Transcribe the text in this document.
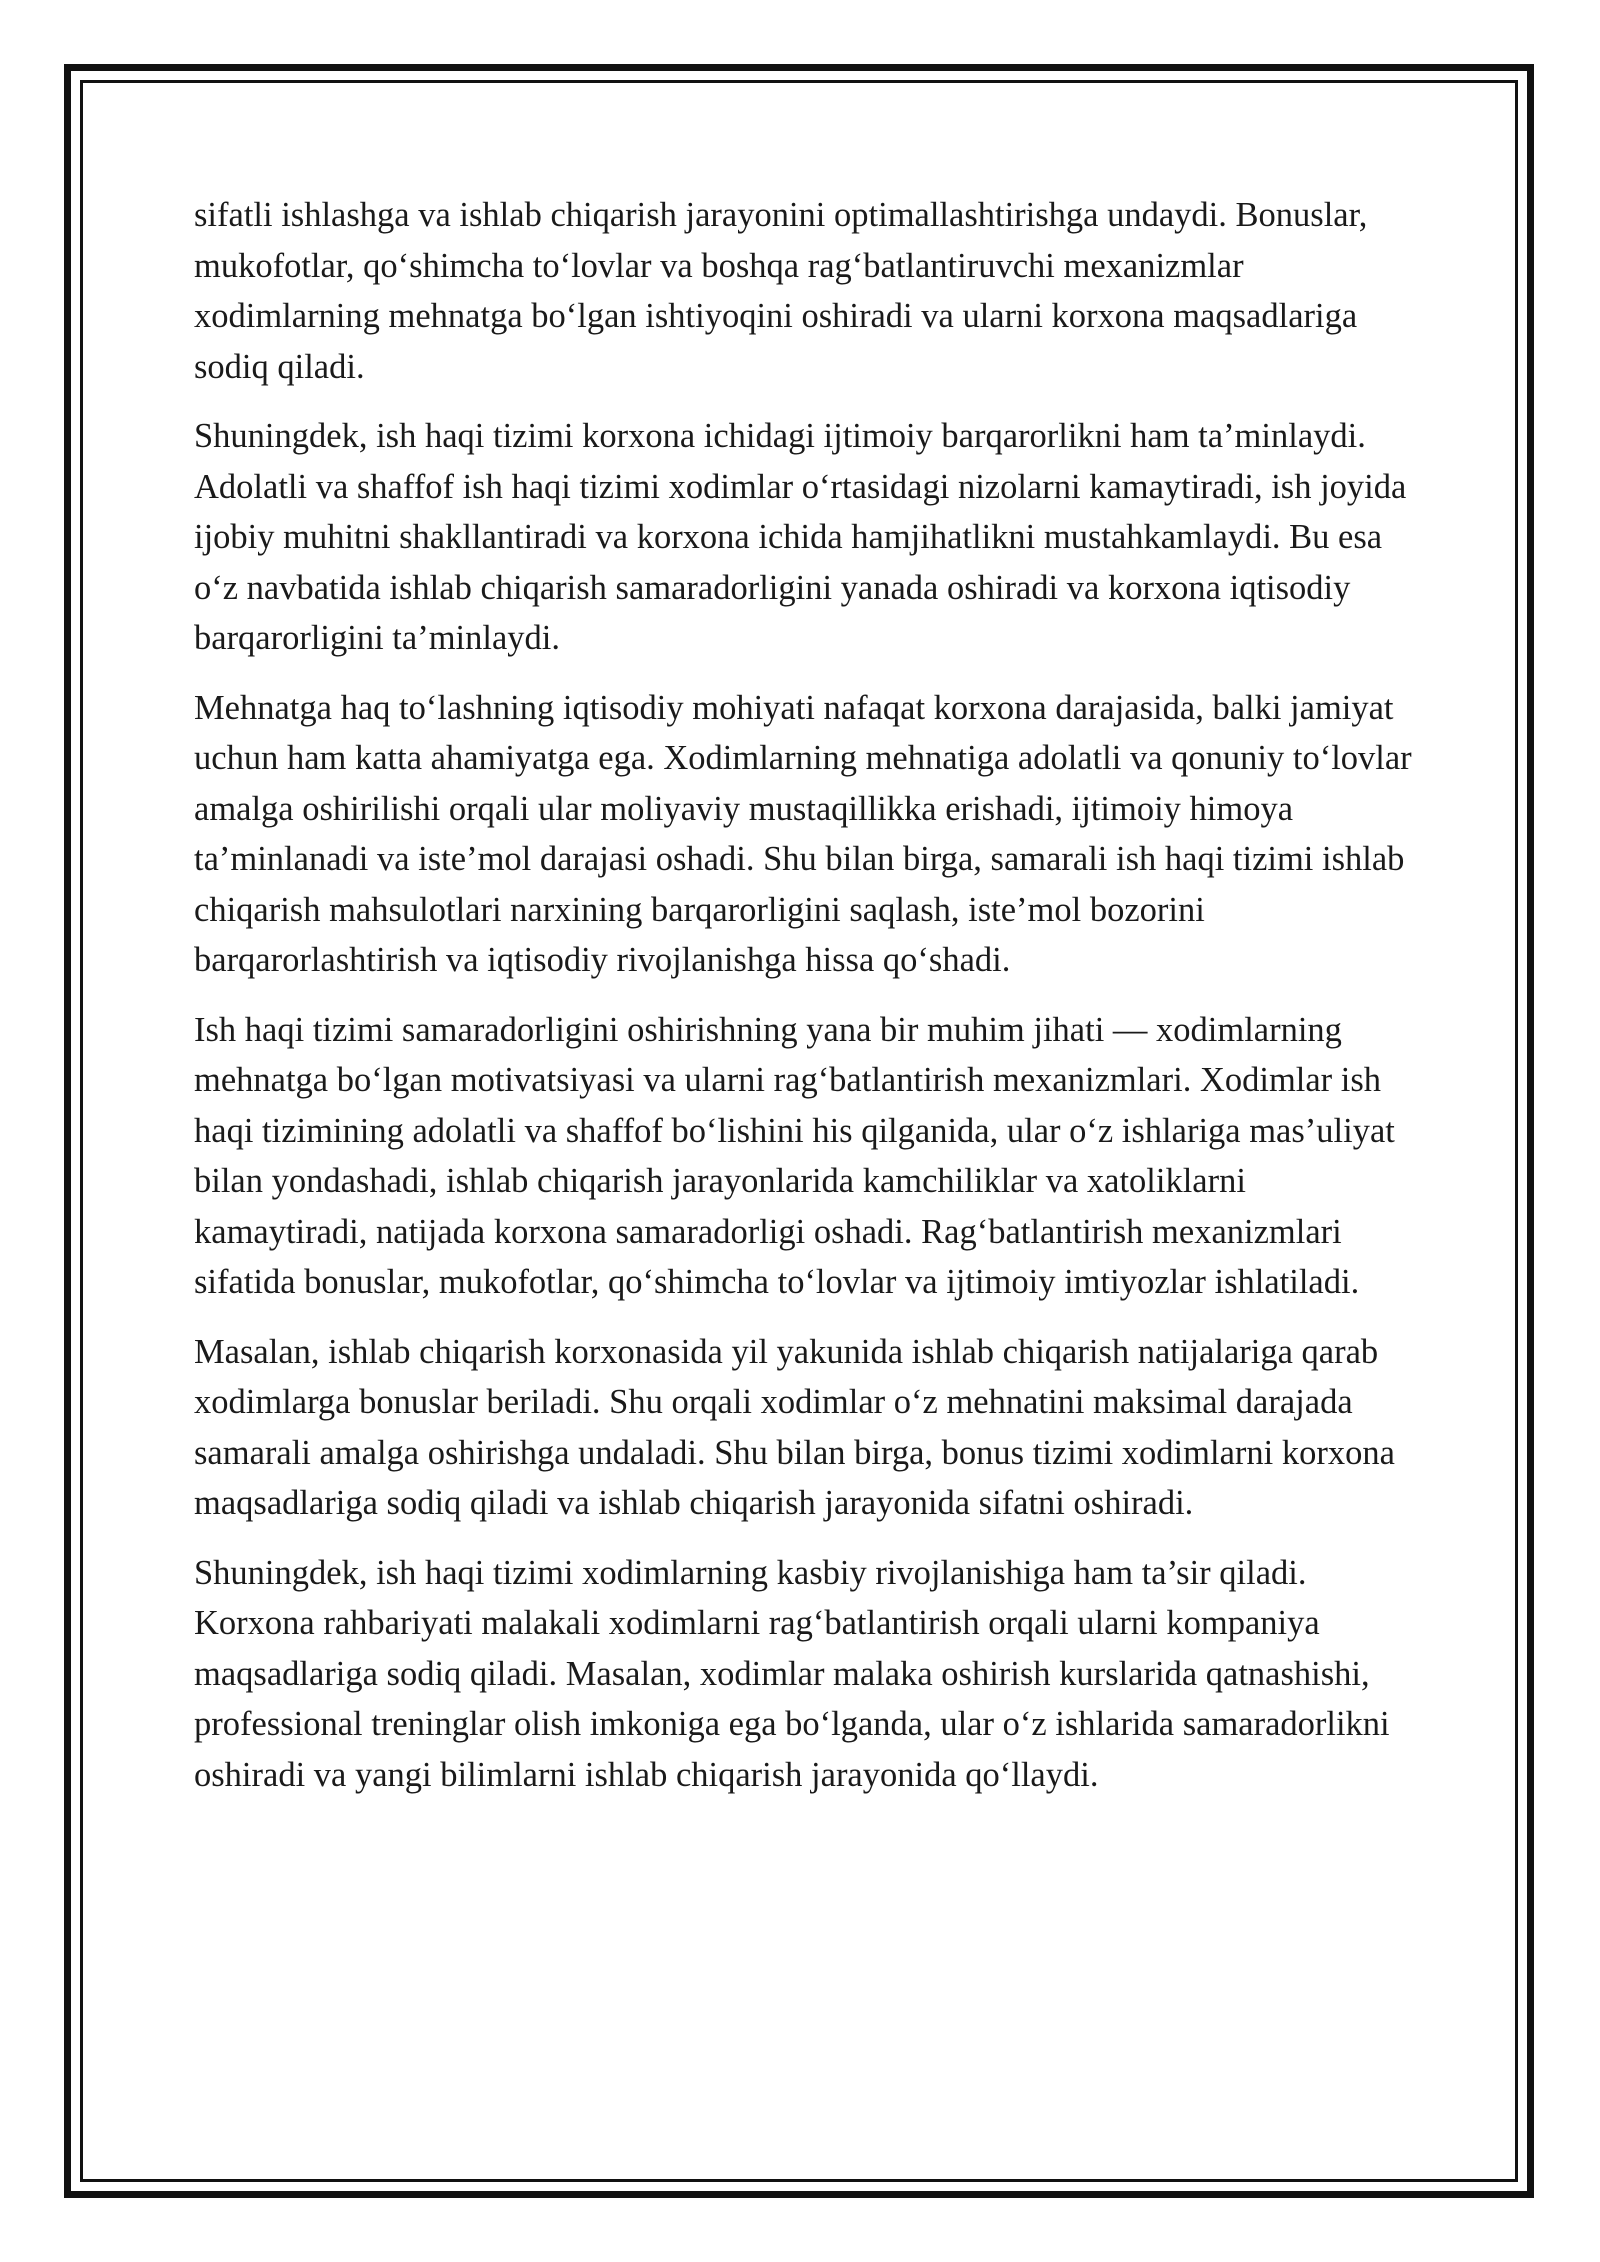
sifatli ishlashga va ishlab chiqarish jarayonini optimallashtirishga undaydi. Bonuslar, mukofotlar, qo‘shimcha to‘lovlar va boshqa rag‘batlantiruvchi mexanizmlar xodimlarning mehnatga bo‘lgan ishtiyoqini oshiradi va ularni korxona maqsadlariga sodiq qiladi.

Shuningdek, ish haqi tizimi korxona ichidagi ijtimoiy barqarorlikni ham ta’minlaydi. Adolatli va shaffof ish haqi tizimi xodimlar o‘rtasidagi nizolarni kamaytiradi, ish joyida ijobiy muhitni shakllantiradi va korxona ichida hamjihatlikni mustahkamlaydi. Bu esa o‘z navbatida ishlab chiqarish samaradorligini yanada oshiradi va korxona iqtisodiy barqarorligini ta’minlaydi.

Mehnatga haq to‘lashning iqtisodiy mohiyati nafaqat korxona darajasida, balki jamiyat uchun ham katta ahamiyatga ega. Xodimlarning mehnatiga adolatli va qonuniy to‘lovlar amalga oshirilishi orqali ular moliyaviy mustaqillikka erishadi, ijtimoiy himoya ta’minlanadi va iste’mol darajasi oshadi. Shu bilan birga, samarali ish haqi tizimi ishlab chiqarish mahsulotlari narxining barqarorligini saqlash, iste’mol bozorini barqarorlashtirish va iqtisodiy rivojlanishga hissa qo‘shadi.

Ish haqi tizimi samaradorligini oshirishning yana bir muhim jihati — xodimlarning mehnatga bo‘lgan motivatsiyasi va ularni rag‘batlantirish mexanizmlari. Xodimlar ish haqi tizimining adolatli va shaffof bo‘lishini his qilganida, ular o‘z ishlariga mas’uliyat bilan yondashadi, ishlab chiqarish jarayonlarida kamchiliklar va xatoliklarni kamaytiradi, natijada korxona samaradorligi oshadi. Rag‘batlantirish mexanizmlari sifatida bonuslar, mukofotlar, qo‘shimcha to‘lovlar va ijtimoiy imtiyozlar ishlatiladi.

Masalan, ishlab chiqarish korxonasida yil yakunida ishlab chiqarish natijalariga qarab xodimlarga bonuslar beriladi. Shu orqali xodimlar o‘z mehnatini maksimal darajada samarali amalga oshirishga undaladi. Shu bilan birga, bonus tizimi xodimlarni korxona maqsadlariga sodiq qiladi va ishlab chiqarish jarayonida sifatni oshiradi.

Shuningdek, ish haqi tizimi xodimlarning kasbiy rivojlanishiga ham ta’sir qiladi. Korxona rahbariyati malakali xodimlarni rag‘batlantirish orqali ularni kompaniya maqsadlariga sodiq qiladi. Masalan, xodimlar malaka oshirish kurslarida qatnashishi, professional treninglar olish imkoniga ega bo‘lganda, ular o‘z ishlarida samaradorlikni oshiradi va yangi bilimlarni ishlab chiqarish jarayonida qo‘llaydi.
